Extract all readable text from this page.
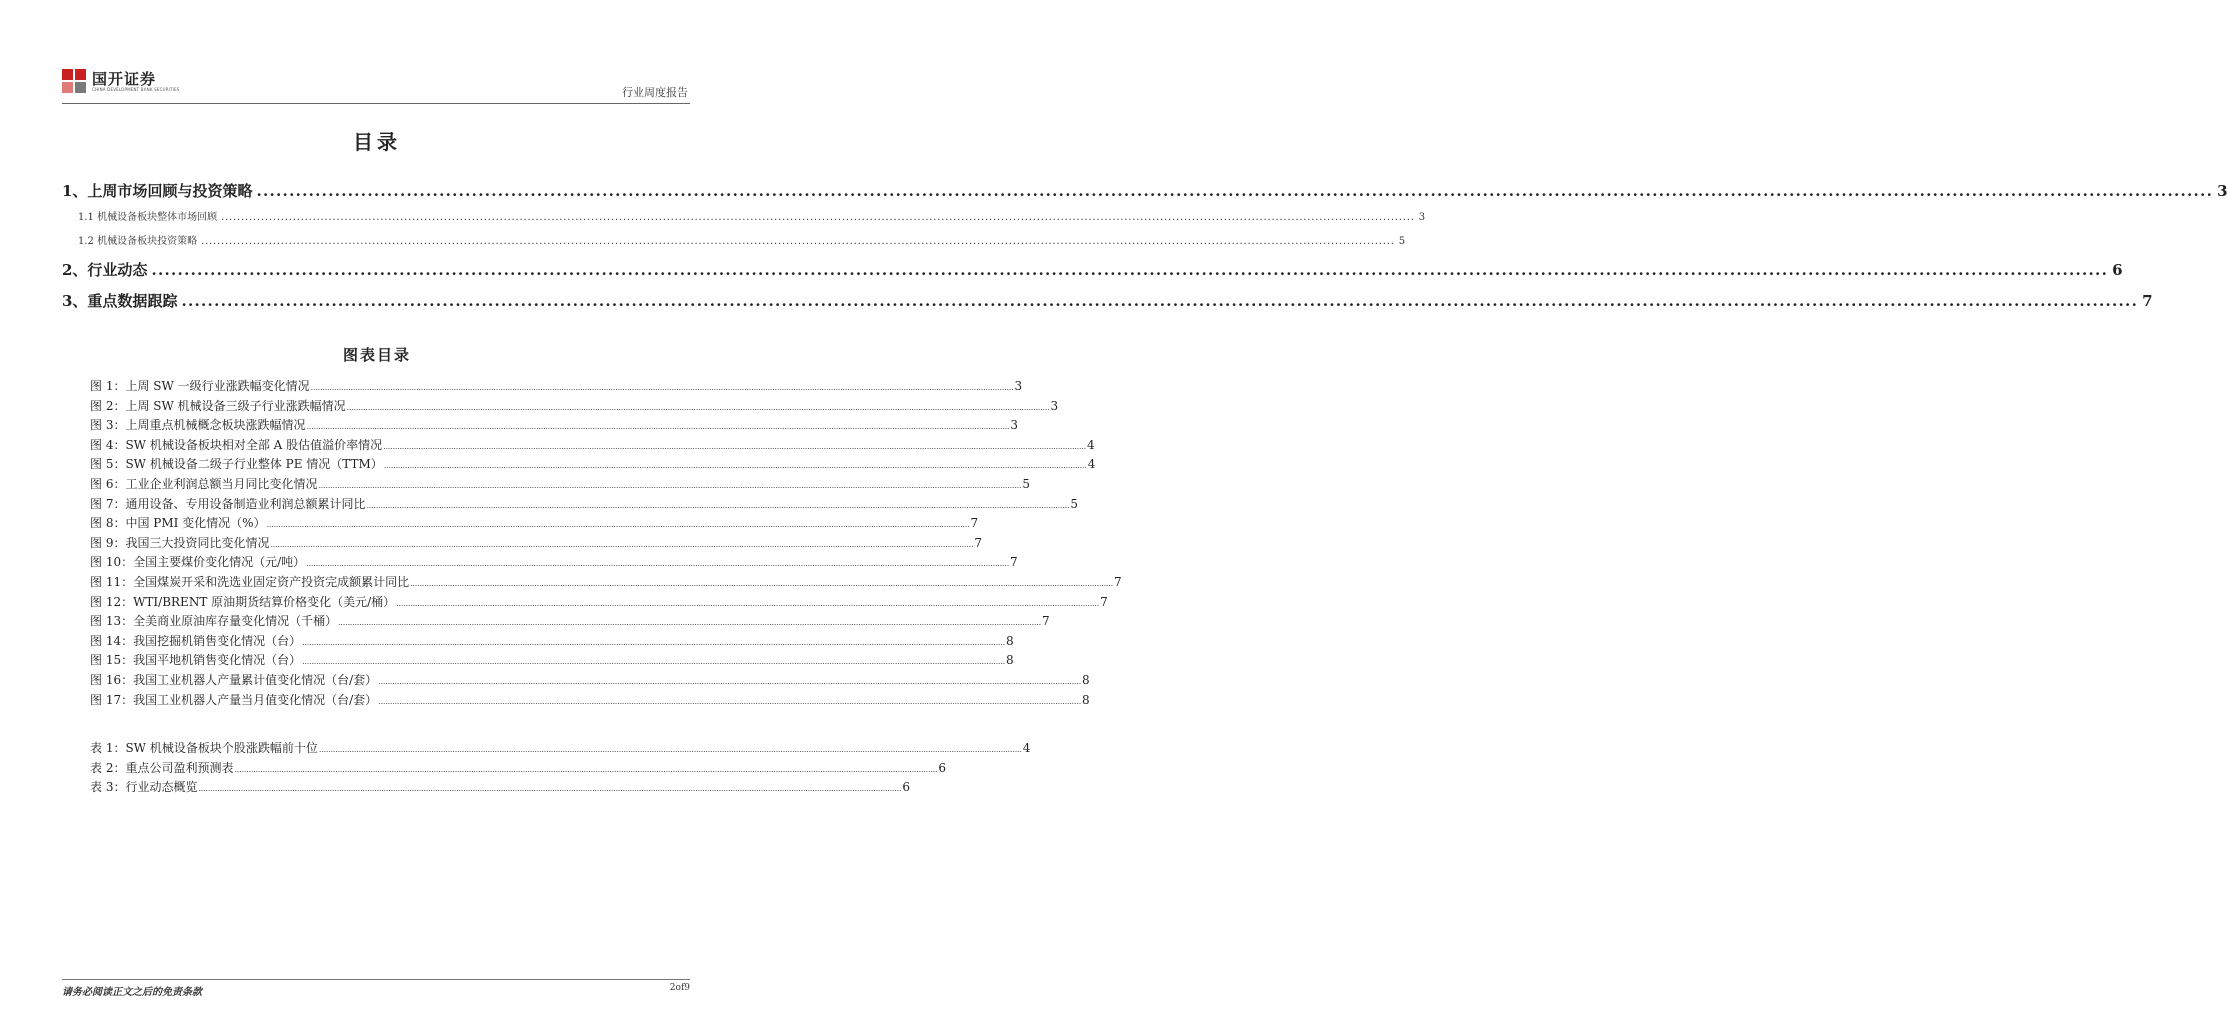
国开证券
CHINA DEVELOPMENT BANK SECURITIES	行业周度报告
目录
1、上周市场回顾与投资策略 ............................................................................................................................................................................................................................................................................................................ 3
1.1 机械设备板块整体市场回顾 ............................................................................................................................................................................................................................................................................................................ 3
1.2 机械设备板块投资策略 ............................................................................................................................................................................................................................................................................................................ 5
2、行业动态 ............................................................................................................................................................................................................................................................................................................ 6
3、重点数据跟踪 ............................................................................................................................................................................................................................................................................................................ 7
图表目录
图 1：上周 SW 一级行业涨跌幅变化情况 ............................................................................................................................................................................................................................................................................................................ 3
图 2：上周 SW 机械设备三级子行业涨跌幅情况 ............................................................................................................................................................................................................................................................................................................ 3
图 3：上周重点机械概念板块涨跌幅情况 ............................................................................................................................................................................................................................................................................................................ 3
图 4：SW 机械设备板块相对全部 A 股估值溢价率情况 ............................................................................................................................................................................................................................................................................................................ 4
图 5：SW 机械设备二级子行业整体 PE 情况（TTM） ............................................................................................................................................................................................................................................................................................................ 4
图 6：工业企业利润总额当月同比变化情况 ............................................................................................................................................................................................................................................................................................................ 5
图 7：通用设备、专用设备制造业利润总额累计同比 ............................................................................................................................................................................................................................................................................................................ 5
图 8：中国 PMI 变化情况（%） ............................................................................................................................................................................................................................................................................................................ 7
图 9：我国三大投资同比变化情况 ............................................................................................................................................................................................................................................................................................................ 7
图 10：全国主要煤价变化情况（元/吨） ............................................................................................................................................................................................................................................................................................................ 7
图 11：全国煤炭开采和洗选业固定资产投资完成额累计同比 ............................................................................................................................................................................................................................................................................................................ 7
图 12：WTI/BRENT 原油期货结算价格变化（美元/桶） ............................................................................................................................................................................................................................................................................................................ 7
图 13：全美商业原油库存量变化情况（千桶） ............................................................................................................................................................................................................................................................................................................ 7
图 14：我国挖掘机销售变化情况（台） ............................................................................................................................................................................................................................................................................................................ 8
图 15：我国平地机销售变化情况（台） ............................................................................................................................................................................................................................................................................................................ 8
图 16：我国工业机器人产量累计值变化情况（台/套） ............................................................................................................................................................................................................................................................................................................ 8
图 17：我国工业机器人产量当月值变化情况（台/套） ............................................................................................................................................................................................................................................................................................................ 8
表 1：SW 机械设备板块个股涨跌幅前十位 ............................................................................................................................................................................................................................................................................................................ 4
表 2：重点公司盈利预测表 ............................................................................................................................................................................................................................................................................................................ 6
表 3：行业动态概览 ............................................................................................................................................................................................................................................................................................................ 6
请务必阅读正文之后的免责条款	2of9
